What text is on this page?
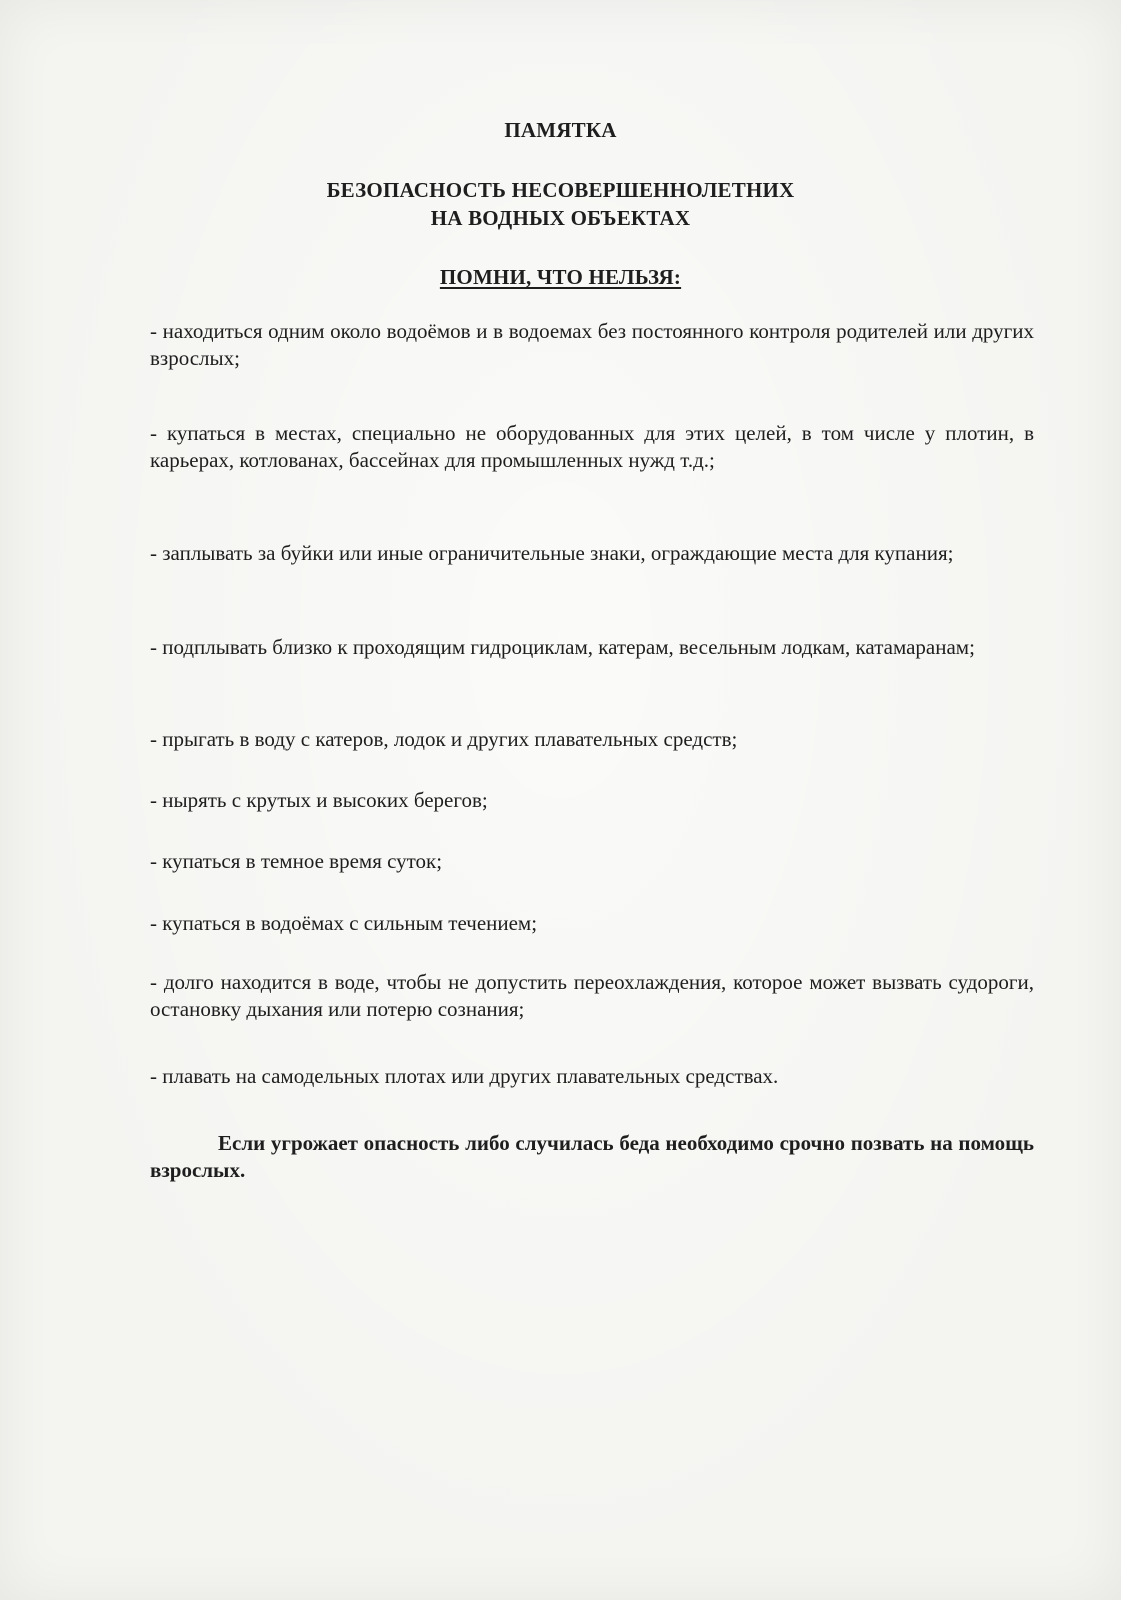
ПАМЯТКА
БЕЗОПАСНОСТЬ НЕСОВЕРШЕННОЛЕТНИХ
НА ВОДНЫХ ОБЪЕКТАХ
ПОМНИ, ЧТО НЕЛЬЗЯ:
- находиться одним около водоёмов и в водоемах без постоянного контроля родителей или других взрослых;
- купаться в местах, специально не оборудованных для этих целей, в том числе у плотин, в карьерах, котлованах, бассейнах для промышленных нужд т.д.;
- заплывать за буйки или иные ограничительные знаки, ограждающие места для купания;
- подплывать близко к проходящим гидроциклам, катерам, весельным лодкам, катамаранам;
- прыгать в воду с катеров, лодок и других плавательных средств;
- нырять с крутых и высоких берегов;
- купаться в темное время суток;
- купаться в водоёмах с сильным течением;
- долго находится в воде, чтобы не допустить переохлаждения, которое может вызвать судороги, остановку дыхания или потерю сознания;
- плавать на самодельных плотах или других плавательных средствах.
Если угрожает опасность либо случилась беда необходимо срочно позвать на помощь взрослых.
